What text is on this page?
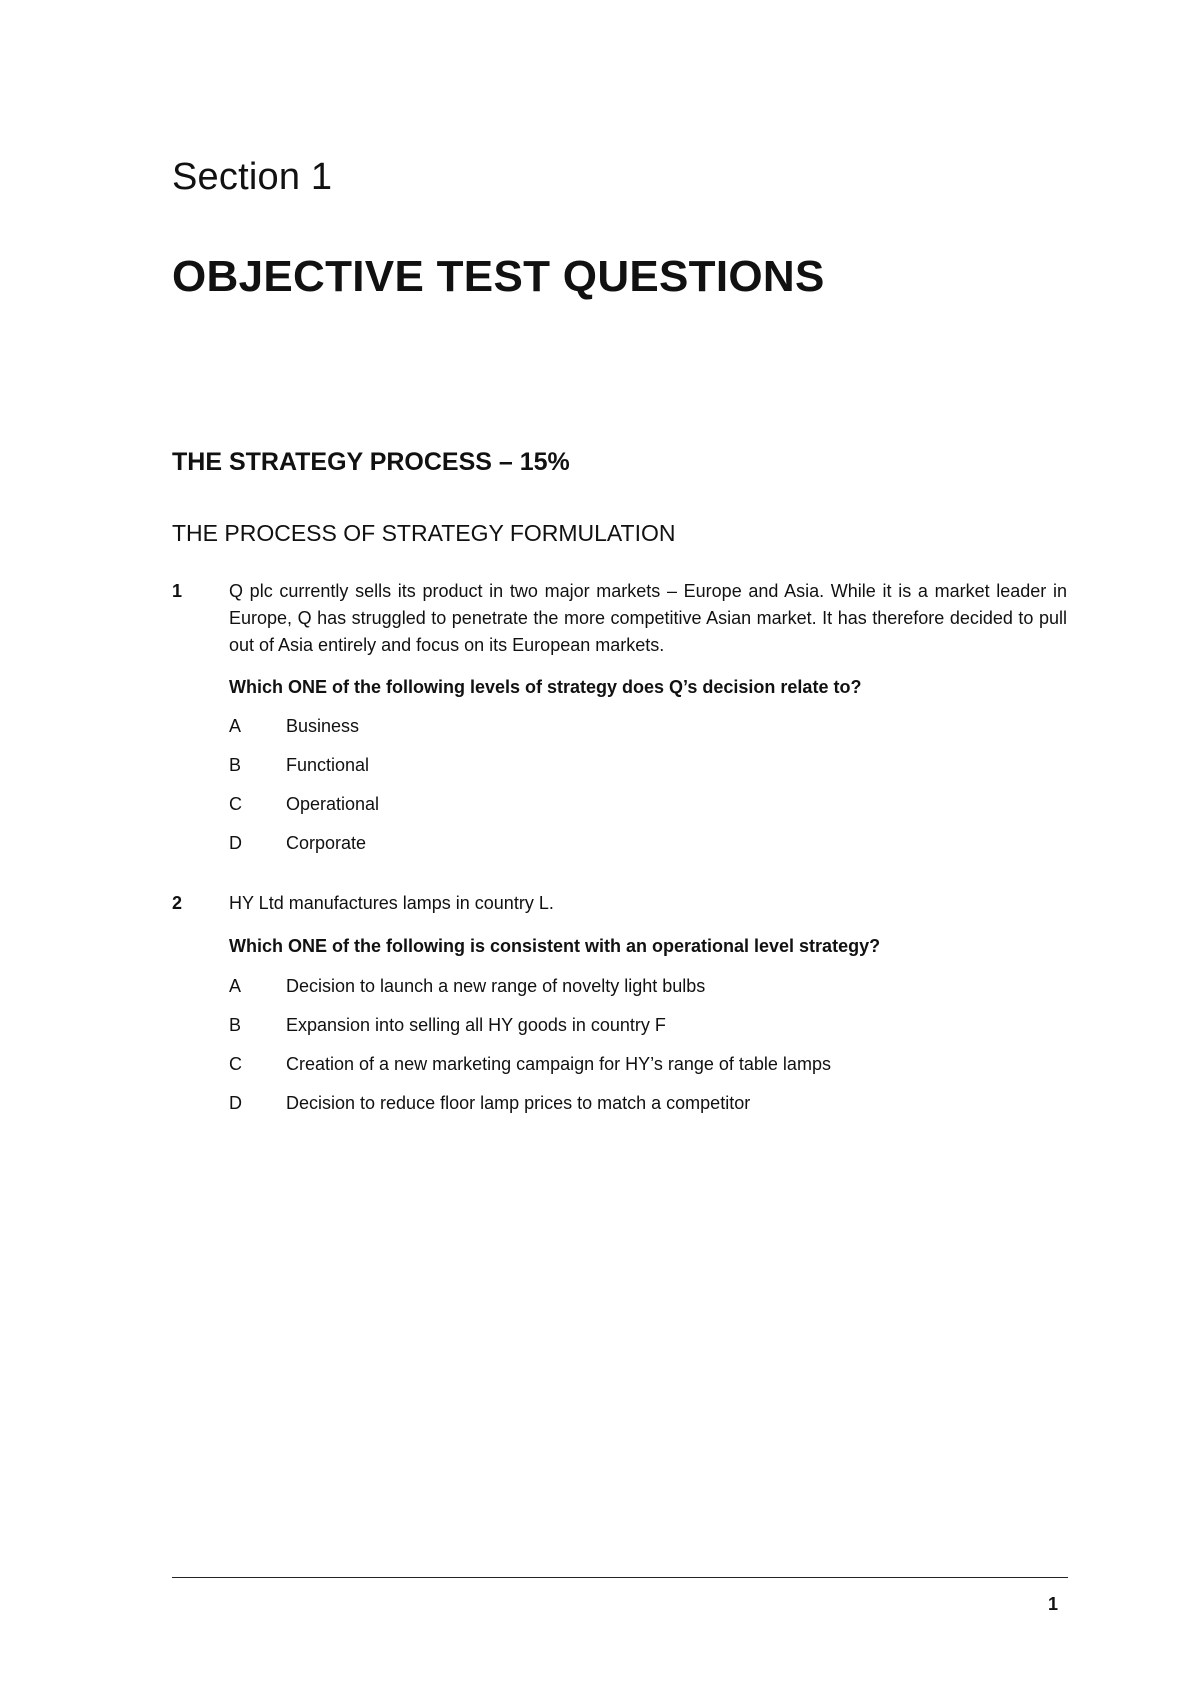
Section 1
OBJECTIVE TEST QUESTIONS
THE STRATEGY PROCESS – 15%
THE PROCESS OF STRATEGY FORMULATION
1	Q plc currently sells its product in two major markets – Europe and Asia. While it is a market leader in Europe, Q has struggled to penetrate the more competitive Asian market. It has therefore decided to pull out of Asia entirely and focus on its European markets.
Which ONE of the following levels of strategy does Q’s decision relate to?
A Business
B Functional
C Operational
D Corporate
2	HY Ltd manufactures lamps in country L.
Which ONE of the following is consistent with an operational level strategy?
A Decision to launch a new range of novelty light bulbs
B Expansion into selling all HY goods in country F
C Creation of a new marketing campaign for HY’s range of table lamps
D Decision to reduce floor lamp prices to match a competitor
1
